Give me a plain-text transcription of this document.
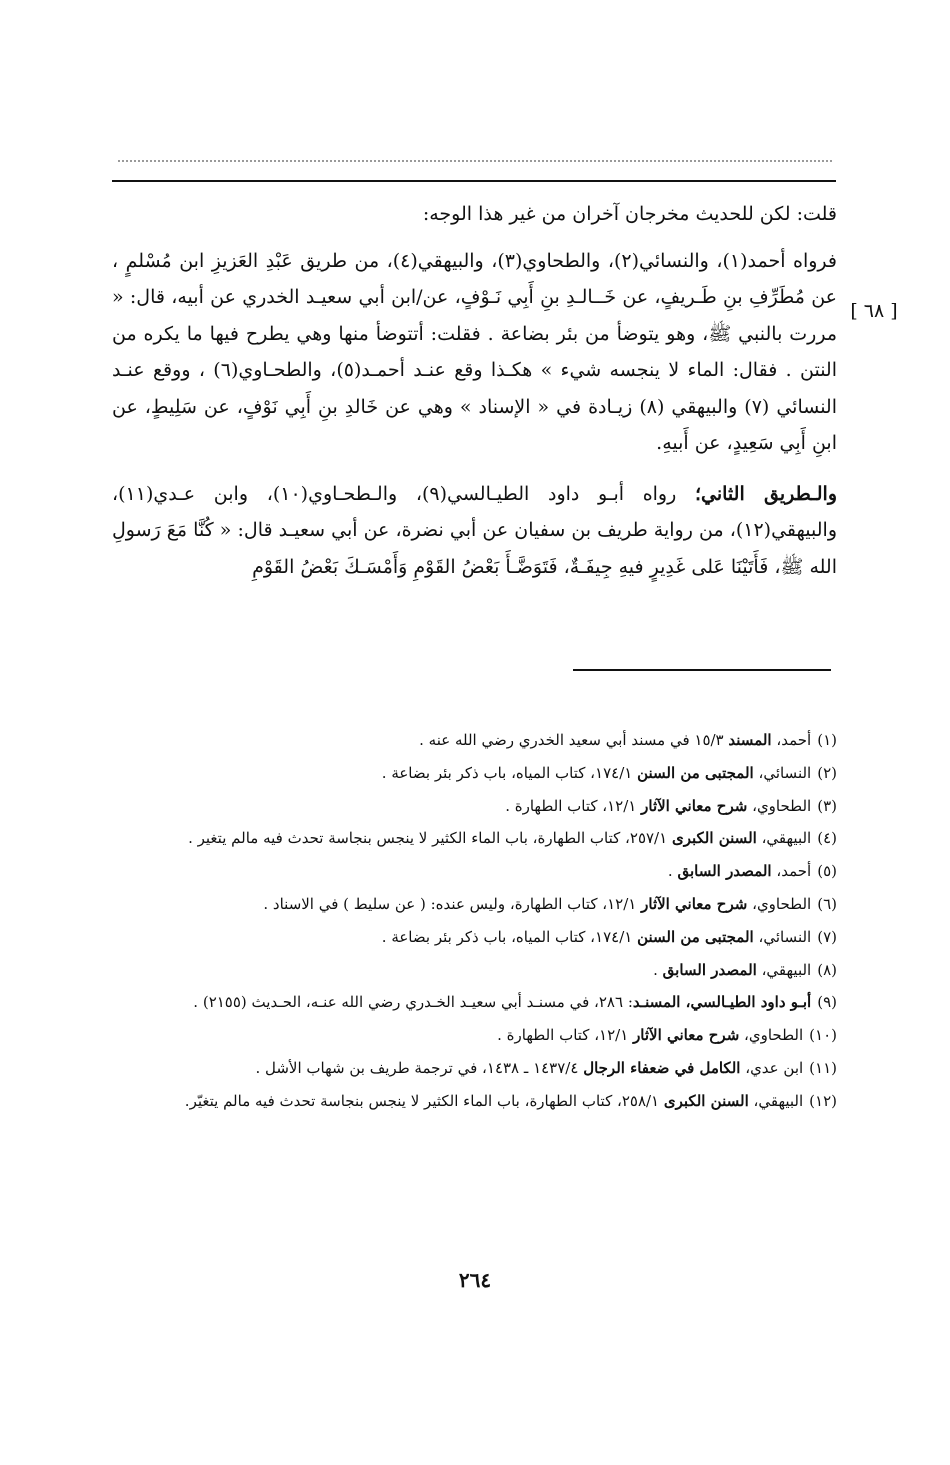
[ ٦٨ ]

قلت: لكن للحديث مخرجان آخران من غير هذا الوجه:

فرواه أحمد(١)، والنسائي(٢)، والطحاوي(٣)، والبيهقي(٤)، من طريق عَبْدِ العَزيزِ ابن مُسْلمٍ ، عن مُطَرِّفِ بنِ طَـريفٍ، عن خَــالـدِ بنِ أَبِي نَـوْفٍ، عن/ابن أبي سعيـد الخدري عن أبيه، قال: « مررت بالنبي ﷺ، وهو يتوضأ من بئر بضاعة . فقلت: أتتوضأ منها وهي يطرح فيها ما يكره من النتن . فقال: الماء لا ينجسه شيء » هكـذا وقع عنـد أحمـد(٥)، والطحـاوي(٦) ، ووقع عنـد النسائي (٧) والبيهقي (٨) زيـادة في « الإسناد » وهي عن خَالدِ بنِ أَبِي نَوْفٍ، عن سَلِيطٍ، عن ابنِ أَبِي سَعِيدٍ، عن أَبيهِ.

والـطريق الثاني؛ رواه أبـو داود الطيـالسي(٩)، والـطحـاوي(١٠)، وابن عـدي(١١)، والبيهقي(١٢)، من رواية طريف بن سفيان عن أبي نضرة، عن أبي سعيـد قال: « كُنَّا مَعَ رَسولِ الله ﷺ، فَأَتَيْنَا عَلى غَدِيرٍ فيهِ جِيفَـةٌ، فَتَوَضَّـأَ بَعْضُ القَوْمِ وَأَمْسَـكَ بَعْضُ القَوْمِ

(١)
أحمد، المسند ١٥/٣ في مسند أبي سعيد الخدري رضي الله عنه .
(٢)
النسائي، المجتبى من السنن ١٧٤/١، كتاب المياه، باب ذكر بئر بضاعة .
(٣)
الطحاوي، شرح معاني الآثار ١٢/١، كتاب الطهارة .
(٤)
البيهقي، السنن الكبرى ٢٥٧/١، كتاب الطهارة، باب الماء الكثير لا ينجس بنجاسة تحدث فيه مالم يتغير .
(٥)
أحمد، المصدر السابق .
(٦)
الطحاوي، شرح معاني الآثار ١٢/١، كتاب الطهارة، وليس عنده: ( عن سليط ) في الاسناد .
(٧)
النسائي، المجتبى من السنن ١٧٤/١، كتاب المياه، باب ذكر بئر بضاعة .
(٨)
البيهقي، المصدر السابق .
(٩)
أبـو داود الطيـالسي، المسنـد: ٢٨٦، في مسنـد أبي سعيـد الخـدري رضي الله عنـه، الحـديث (٢١٥٥) .
(١٠)
الطحاوي، شرح معاني الآثار ١٢/١، كتاب الطهارة .
(١١)
ابن عدي، الكامل في ضعفاء الرجال ١٤٣٧/٤ ـ ١٤٣٨، في ترجمة طريف بن شهاب الأشل .
(١٢)
البيهقي، السنن الكبرى ٢٥٨/١، كتاب الطهارة، باب الماء الكثير لا ينجس بنجاسة تحدث فيه مالم يتغيّر.
٢٦٤
